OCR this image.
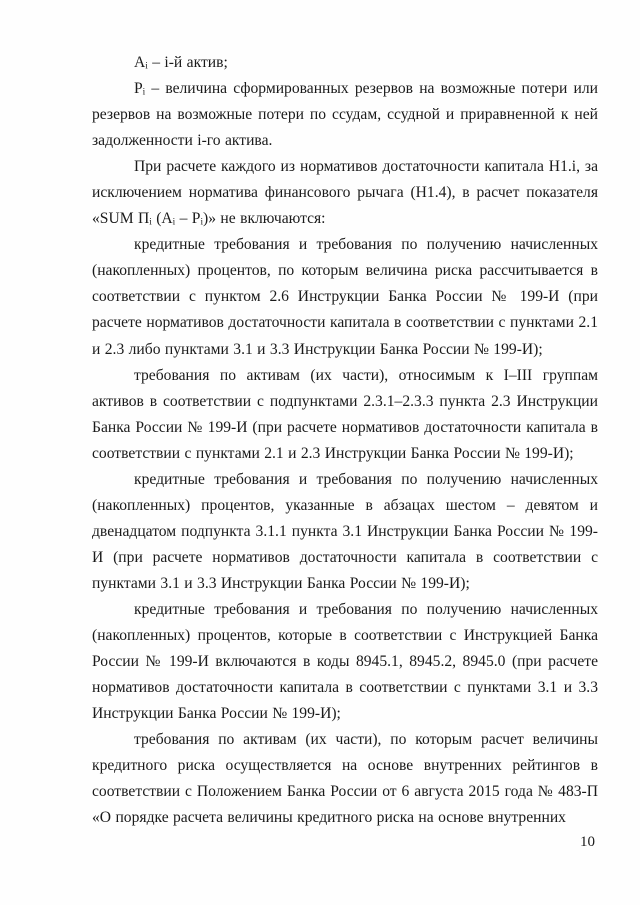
Aᵢ – i-й актив;

Pᵢ – величина сформированных резервов на возможные потери или резервов на возможные потери по ссудам, ссудной и приравненной к ней задолженности i-го актива.

При расчете каждого из нормативов достаточности капитала Н1.i, за исключением норматива финансового рычага (Н1.4), в расчет показателя «SUM Пᵢ (Aᵢ – Pᵢ)» не включаются:

кредитные требования и требования по получению начисленных (накопленных) процентов, по которым величина риска рассчитывается в соответствии с пунктом 2.6 Инструкции Банка России № 199-И (при расчете нормативов достаточности капитала в соответствии с пунктами 2.1 и 2.3 либо пунктами 3.1 и 3.3 Инструкции Банка России № 199-И);

требования по активам (их части), относимым к I–III группам активов в соответствии с подпунктами 2.3.1–2.3.3 пункта 2.3 Инструкции Банка России № 199-И (при расчете нормативов достаточности капитала в соответствии с пунктами 2.1 и 2.3 Инструкции Банка России № 199-И);

кредитные требования и требования по получению начисленных (накопленных) процентов, указанные в абзацах шестом – девятом и двенадцатом подпункта 3.1.1 пункта 3.1 Инструкции Банка России № 199-И (при расчете нормативов достаточности капитала в соответствии с пунктами 3.1 и 3.3 Инструкции Банка России № 199-И);

кредитные требования и требования по получению начисленных (накопленных) процентов, которые в соответствии с Инструкцией Банка России № 199-И включаются в коды 8945.1, 8945.2, 8945.0 (при расчете нормативов достаточности капитала в соответствии с пунктами 3.1 и 3.3 Инструкции Банка России № 199-И);

требования по активам (их части), по которым расчет величины кредитного риска осуществляется на основе внутренних рейтингов в соответствии с Положением Банка России от 6 августа 2015 года № 483-П «О порядке расчета величины кредитного риска на основе внутренних

10
